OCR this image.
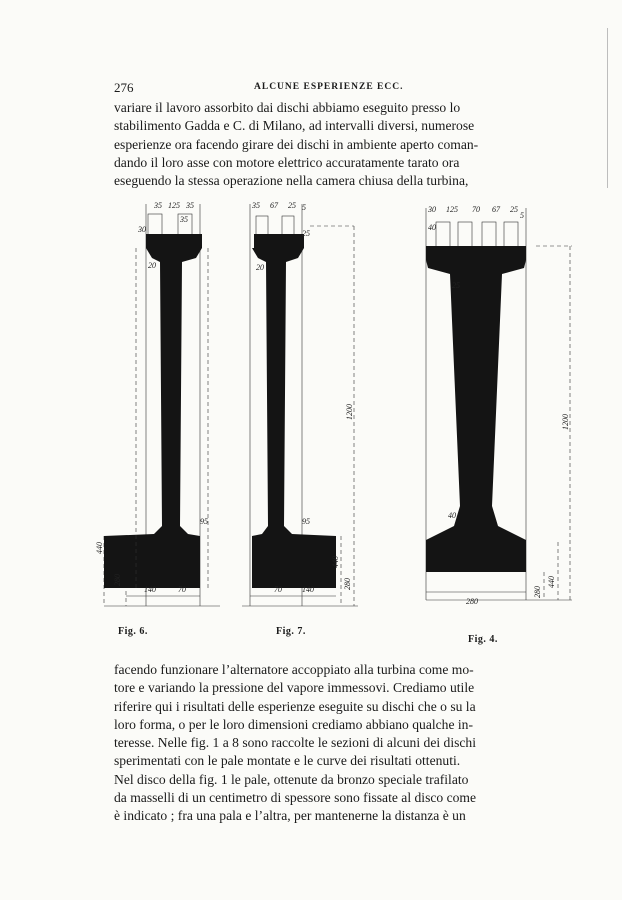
276	ALCUNE ESPERIENZE ECC.
variare il lavoro assorbito dai dischi abbiamo eseguito presso lo
stabilimento Gadda e C. di Milano, ad intervalli diversi, numerose
esperienze ora facendo girare dei dischi in ambiente aperto coman-
dando il loro asse con motore elettrico accuratamente tarato ora
eseguendo la stessa operazione nella camera chiusa della turbina,
35 125 35
30
35
20
95
440
280
140	70
35 67 25
25
5
20
1200
95
440
280
70	140
30 125 70 67 25
40
5
25
1200
40
440
280
280
Fig. 6.	Fig. 7.
Fig. 4.
facendo funzionare l’alternatore accoppiato alla turbina come mo-
tore e variando la pressione del vapore immessovi. Crediamo utile
riferire qui i risultati delle esperienze eseguite su dischi che o su la
loro forma, o per le loro dimensioni crediamo abbiano qualche in-
teresse. Nelle fig. 1 a 8 sono raccolte le sezioni di alcuni dei dischi
sperimentati con le pale montate e le curve dei risultati ottenuti.
Nel disco della fig. 1 le pale, ottenute da bronzo speciale trafilato
da masselli di un centimetro di spessore sono fissate al disco come
è indicato ; fra una pala e l’altra, per mantenerne la distanza è un
